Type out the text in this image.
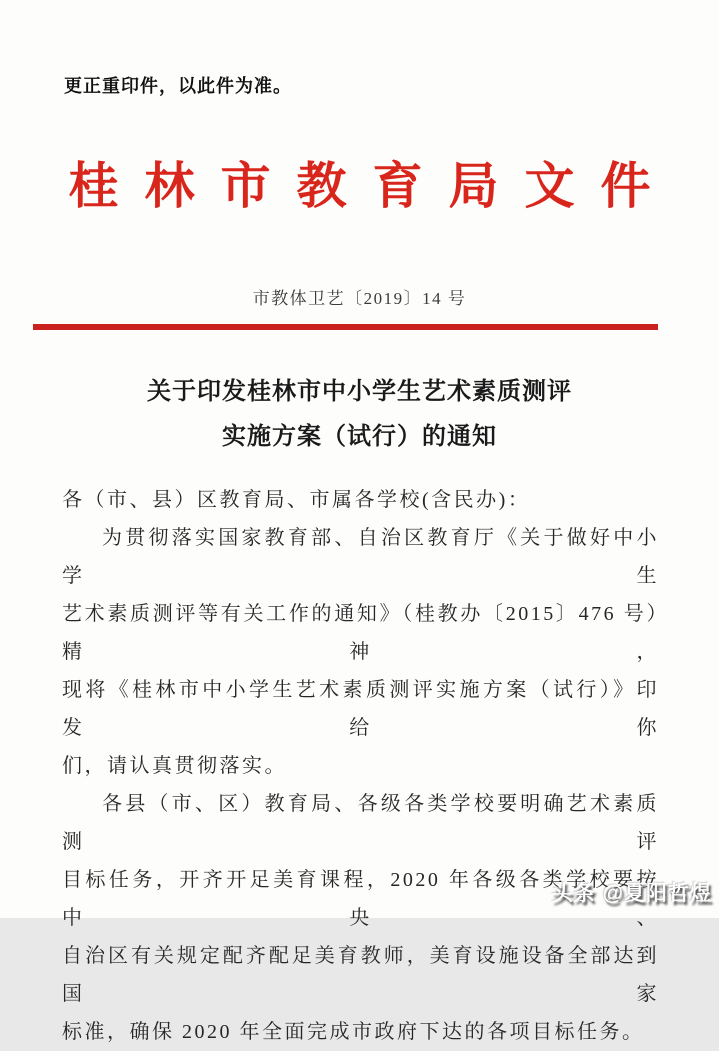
更正重印件，以此件为准。
桂林市教育局文件
市教体卫艺〔2019〕14 号
关于印发桂林市中小学生艺术素质测评
实施方案（试行）的通知
各（市、县）区教育局、市属各学校(含民办)：
为贯彻落实国家教育部、自治区教育厅《关于做好中小学生
艺术素质测评等有关工作的通知》（桂教办〔2015〕476 号）精神，
现将《桂林市中小学生艺术素质测评实施方案（试行）》印发给你
们，请认真贯彻落实。
各县（市、区）教育局、各级各类学校要明确艺术素质测评
目标任务，开齐开足美育课程，2020 年各级各类学校要按中央、
自治区有关规定配齐配足美育教师，美育设施设备全部达到国家
标准，确保 2020 年全面完成市政府下达的各项目标任务。
头条 @夏阳哲煜
